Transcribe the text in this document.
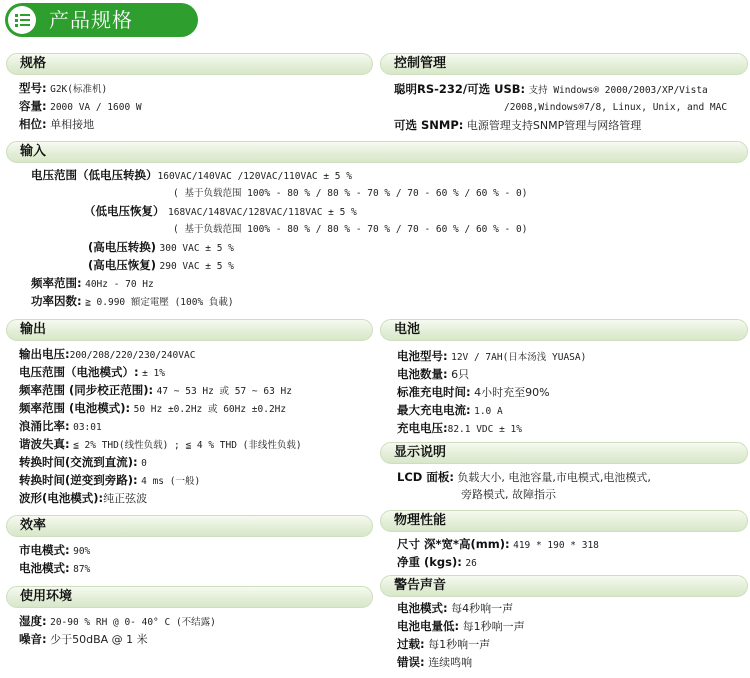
产品规格
规格	控制管理
型号: G2K(标准机)
容量: 2000 VA / 1600 W
相位: 单相接地
聪明RS-232/可选 USB: 支持 Windows® 2000/2003/XP/Vista
/2008,Windows®7/8, Linux, Unix, and MAC
可选 SNMP: 电源管理支持SNMP管理与网络管理
输入
电压范围（低电压转换）160VAC/140VAC /120VAC/110VAC ± 5 %
( 基于负载范围 100% - 80 % / 80 % - 70 % / 70 - 60 % / 60 % - 0)
（低电压恢复） 168VAC/148VAC/128VAC/118VAC ± 5 %
( 基于负载范围 100% - 80 % / 80 % - 70 % / 70 - 60 % / 60 % - 0)
(高电压转换) 300 VAC ± 5 %
(高电压恢复) 290 VAC ± 5 %
频率范围: 40Hz - 70 Hz
功率因数: ≧ 0.990 額定電壓 (100% 負載)
输出	电池
输出电压:200/208/220/230/240VAC
电压范围（电池模式）: ± 1%
频率范围 (同步校正范围): 47 ~ 53 Hz 或 57 ~ 63 Hz
频率范围 (电池模式): 50 Hz ±0.2Hz 或 60Hz ±0.2Hz
浪涌比率: 03:01
谐波失真: ≦ 2% THD(线性负载) ; ≦ 4 % THD (非线性负载)
转换时间(交流到直流): 0
转换时间(逆变到旁路): 4 ms (一般)
波形(电池模式):纯正弦波
电池型号: 12V / 7AH(日本汤浅 YUASA)
电池数量: 6只
标准充电时间: 4小时充至90%
最大充电电流: 1.0 A
充电电压:82.1 VDC ± 1%
显示说明
LCD 面板: 负载大小, 电池容量,市电模式,电池模式,
旁路模式, 故障指示
效率
市电模式: 90%
电池模式: 87%
物理性能
尺寸 深*宽*高(mm): 419 * 190 * 318
净重 (kgs): 26
使用环境
湿度: 20-90 % RH @ 0- 40° C (不结露)
噪音: 少于50dBA @ 1 米
警告声音
电池模式: 每4秒响一声
电池电量低: 每1秒响一声
过载: 每1秒响一声
错误: 连续鸣响
